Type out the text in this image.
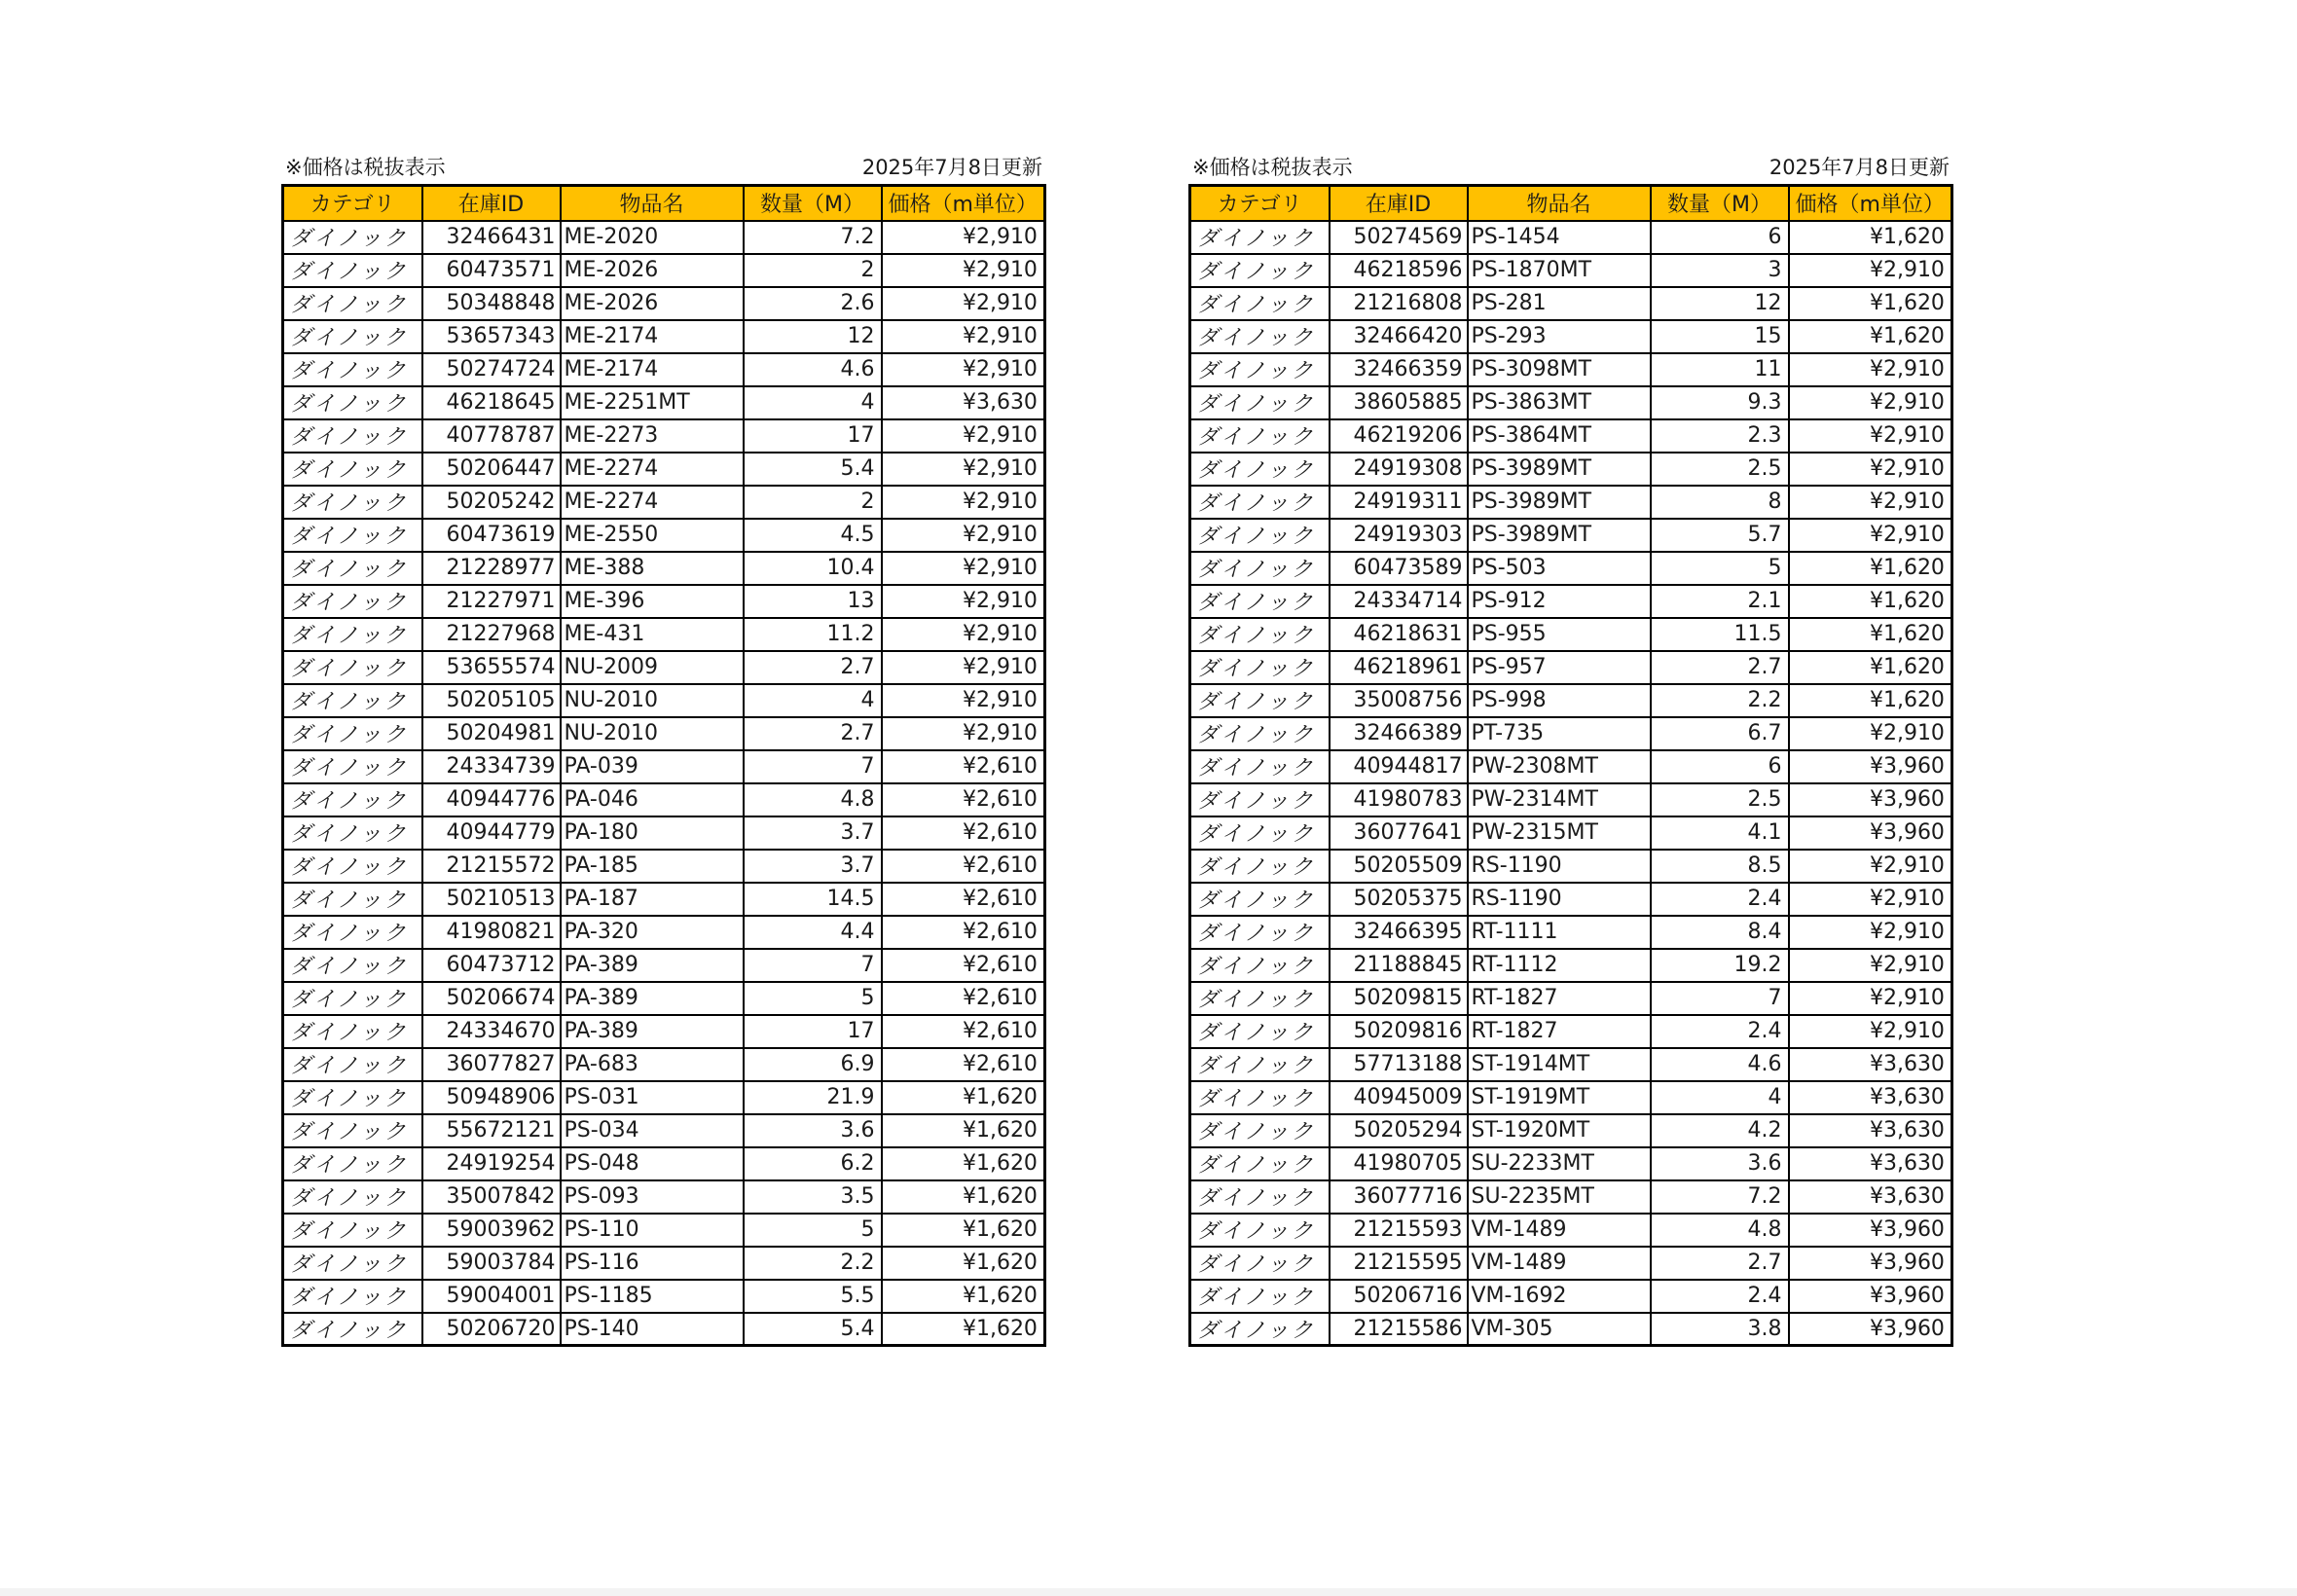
※価格は税抜表示	2025年7月8日更新
カテゴリ	在庫ID	物品名	数量（M）	価格（m単位）
ダイノック	32466431	ME-2020	7.2	¥2,910
ダイノック	60473571	ME-2026	2	¥2,910
ダイノック	50348848	ME-2026	2.6	¥2,910
ダイノック	53657343	ME-2174	12	¥2,910
ダイノック	50274724	ME-2174	4.6	¥2,910
ダイノック	46218645	ME-2251MT	4	¥3,630
ダイノック	40778787	ME-2273	17	¥2,910
ダイノック	50206447	ME-2274	5.4	¥2,910
ダイノック	50205242	ME-2274	2	¥2,910
ダイノック	60473619	ME-2550	4.5	¥2,910
ダイノック	21228977	ME-388	10.4	¥2,910
ダイノック	21227971	ME-396	13	¥2,910
ダイノック	21227968	ME-431	11.2	¥2,910
ダイノック	53655574	NU-2009	2.7	¥2,910
ダイノック	50205105	NU-2010	4	¥2,910
ダイノック	50204981	NU-2010	2.7	¥2,910
ダイノック	24334739	PA-039	7	¥2,610
ダイノック	40944776	PA-046	4.8	¥2,610
ダイノック	40944779	PA-180	3.7	¥2,610
ダイノック	21215572	PA-185	3.7	¥2,610
ダイノック	50210513	PA-187	14.5	¥2,610
ダイノック	41980821	PA-320	4.4	¥2,610
ダイノック	60473712	PA-389	7	¥2,610
ダイノック	50206674	PA-389	5	¥2,610
ダイノック	24334670	PA-389	17	¥2,610
ダイノック	36077827	PA-683	6.9	¥2,610
ダイノック	50948906	PS-031	21.9	¥1,620
ダイノック	55672121	PS-034	3.6	¥1,620
ダイノック	24919254	PS-048	6.2	¥1,620
ダイノック	35007842	PS-093	3.5	¥1,620
ダイノック	59003962	PS-110	5	¥1,620
ダイノック	59003784	PS-116	2.2	¥1,620
ダイノック	59004001	PS-1185	5.5	¥1,620
ダイノック	50206720	PS-140	5.4	¥1,620
※価格は税抜表示	2025年7月8日更新
カテゴリ	在庫ID	物品名	数量（M）	価格（m単位）
ダイノック	50274569	PS-1454	6	¥1,620
ダイノック	46218596	PS-1870MT	3	¥2,910
ダイノック	21216808	PS-281	12	¥1,620
ダイノック	32466420	PS-293	15	¥1,620
ダイノック	32466359	PS-3098MT	11	¥2,910
ダイノック	38605885	PS-3863MT	9.3	¥2,910
ダイノック	46219206	PS-3864MT	2.3	¥2,910
ダイノック	24919308	PS-3989MT	2.5	¥2,910
ダイノック	24919311	PS-3989MT	8	¥2,910
ダイノック	24919303	PS-3989MT	5.7	¥2,910
ダイノック	60473589	PS-503	5	¥1,620
ダイノック	24334714	PS-912	2.1	¥1,620
ダイノック	46218631	PS-955	11.5	¥1,620
ダイノック	46218961	PS-957	2.7	¥1,620
ダイノック	35008756	PS-998	2.2	¥1,620
ダイノック	32466389	PT-735	6.7	¥2,910
ダイノック	40944817	PW-2308MT	6	¥3,960
ダイノック	41980783	PW-2314MT	2.5	¥3,960
ダイノック	36077641	PW-2315MT	4.1	¥3,960
ダイノック	50205509	RS-1190	8.5	¥2,910
ダイノック	50205375	RS-1190	2.4	¥2,910
ダイノック	32466395	RT-1111	8.4	¥2,910
ダイノック	21188845	RT-1112	19.2	¥2,910
ダイノック	50209815	RT-1827	7	¥2,910
ダイノック	50209816	RT-1827	2.4	¥2,910
ダイノック	57713188	ST-1914MT	4.6	¥3,630
ダイノック	40945009	ST-1919MT	4	¥3,630
ダイノック	50205294	ST-1920MT	4.2	¥3,630
ダイノック	41980705	SU-2233MT	3.6	¥3,630
ダイノック	36077716	SU-2235MT	7.2	¥3,630
ダイノック	21215593	VM-1489	4.8	¥3,960
ダイノック	21215595	VM-1489	2.7	¥3,960
ダイノック	50206716	VM-1692	2.4	¥3,960
ダイノック	21215586	VM-305	3.8	¥3,960
